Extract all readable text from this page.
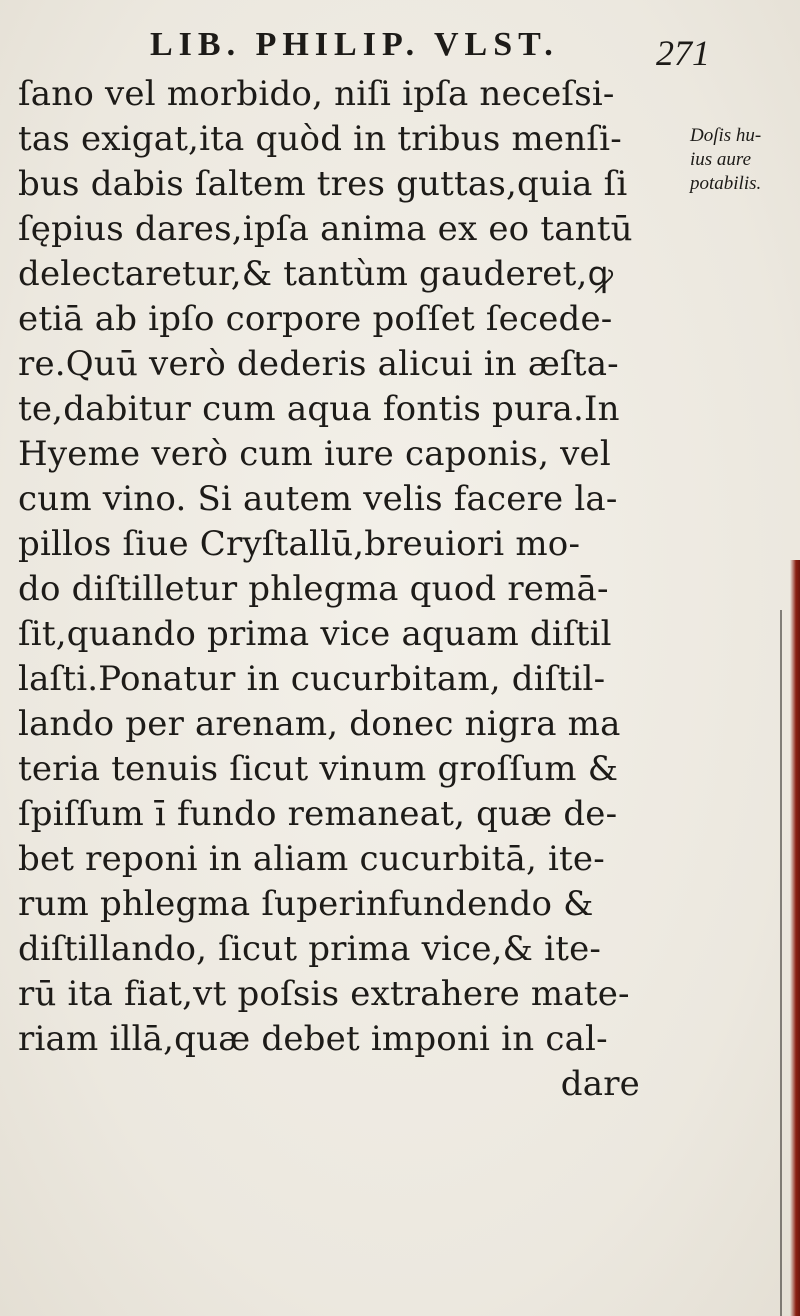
LIB. PHILIP. VLST.	271
ſano vel morbido, niſi ipſa neceſsi-
tas exigat,ita quòd in tribus menſi-
bus dabis ſaltem tres guttas,quia ſi
ſępius dares,ipſa anima ex eo tantū
delectaretur,& tantùm gauderet,ꝙ
etiā ab ipſo corpore poſſet ſecede-
re.Quū verò dederis alicui in æſta-
te,dabitur cum aqua fontis pura.In
Hyeme verò cum iure caponis, vel
cum vino. Si autem velis facere la-
pillos ſiue Cryſtallū,breuiori mo-
do diſtilletur phlegma quod remā-
ſit,quando prima vice aquam diſtil
laſti.Ponatur in cucurbitam, diſtil-
lando per arenam, donec nigra ma
teria tenuis ſicut vinum groſſum &
ſpiſſum ī fundo remaneat, quæ de-
bet reponi in aliam cucurbitā, ite-
rum phlegma ſuperinfundendo &
diſtillando, ſicut prima vice,& ite-
rū ita fiat,vt poſsis extrahere mate-
riam illā,quæ debet imponi in cal-
dare
Doſis hu-
ius aure
potabilis.
